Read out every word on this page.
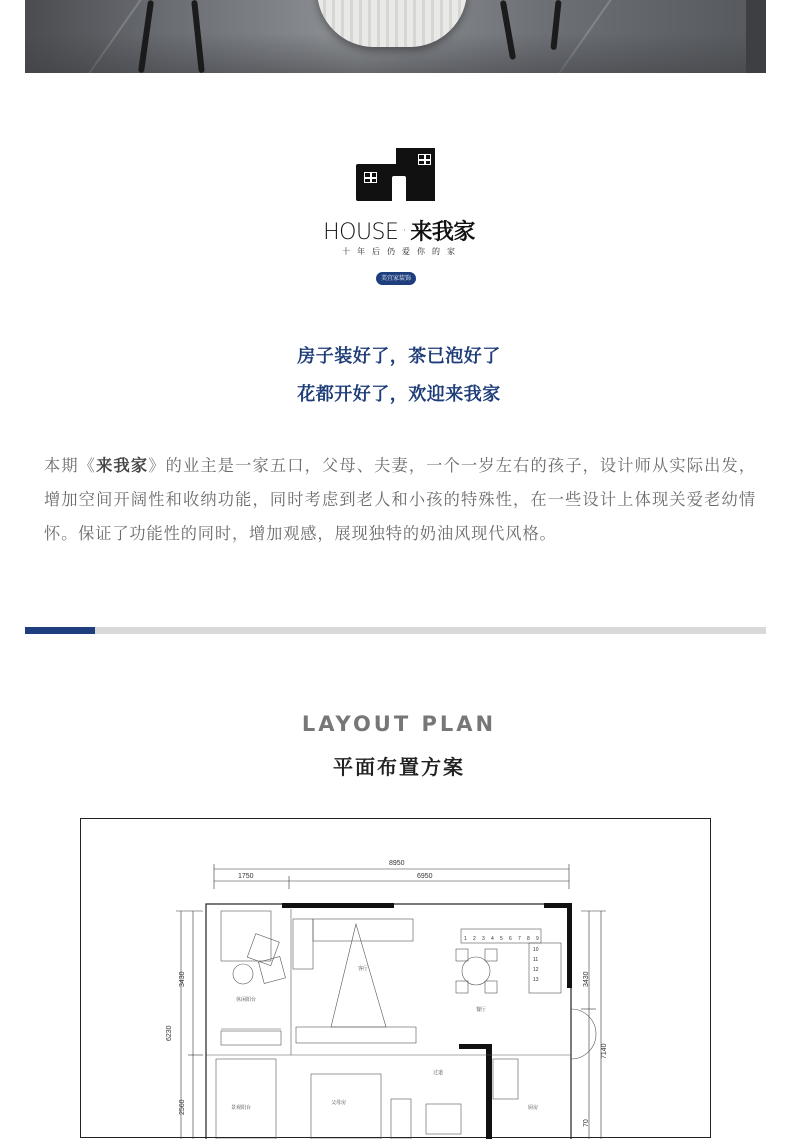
HOUSE · 来我家
十年后仍爱你的家
美宜家装饰
房子装好了，茶已泡好了
花都开好了，欢迎来我家

本期《来我家》的业主是一家五口，父母、夫妻，一个一岁左右的孩子，设计师从实际出发，增加空间开阔性和收纳功能，同时考虑到老人和小孩的特殊性，在一些设计上体现关爱老幼情怀。保证了功能性的同时，增加观感，展现独特的奶油风现代风格。

LAYOUT PLAN
平面布置方案
8950
1750	6950
3430
6230
2560
3430
7140
70
休闲阳台
客厅
1 2 3 4 5 6 7 8 9
10
11
12
13
餐厅
景观阳台
父母房
过道
厨房
